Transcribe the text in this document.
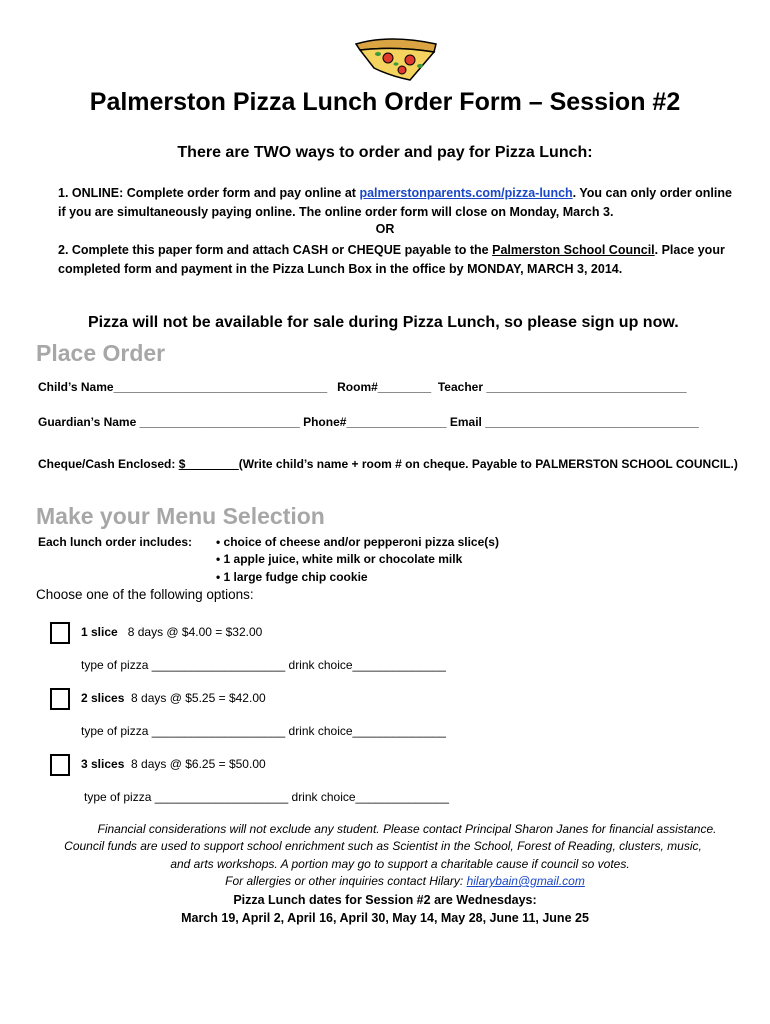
Palmerston Pizza Lunch Order Form – Session #2
There are TWO ways to order and pay for Pizza Lunch:
1. ONLINE: Complete order form and pay online at palmerstonparents.com/pizza-lunch. You can only order online if you are simultaneously paying online. The online order form will close on Monday, March 3.
OR
2. Complete this paper form and attach CASH or CHEQUE payable to the Palmerston School Council. Place your completed form and payment in the Pizza Lunch Box in the office by MONDAY, MARCH 3, 2014.
Pizza will not be available for sale during Pizza Lunch, so please sign up now.
Place Order
Child’s Name________________________________   Room#________  Teacher ______________________________
Guardian’s Name ________________________ Phone#_______________ Email ________________________________
Cheque/Cash Enclosed: $________(Write child’s name + room # on cheque. Payable to PALMERSTON SCHOOL COUNCIL.)
Make your Menu Selection
Each lunch order includes: • choice of cheese and/or pepperoni pizza slice(s)
• 1 apple juice, white milk or chocolate milk
• 1 large fudge chip cookie
Choose one of the following options:
1 slice 8 days @ $4.00 = $32.00
type of pizza ____________________ drink choice______________
2 slices 8 days @ $5.25 = $42.00
type of pizza ____________________ drink choice______________
3 slices 8 days @ $6.25 = $50.00
type of pizza ____________________ drink choice______________
Financial considerations will not exclude any student. Please contact Principal Sharon Janes for financial assistance.
Council funds are used to support school enrichment such as Scientist in the School, Forest of Reading, clusters, music,
and arts workshops. A portion may go to support a charitable cause if council so votes.
For allergies or other inquiries contact Hilary: hilarybain@gmail.com
Pizza Lunch dates for Session #2 are Wednesdays:
March 19, April 2, April 16, April 30, May 14, May 28, June 11, June 25
